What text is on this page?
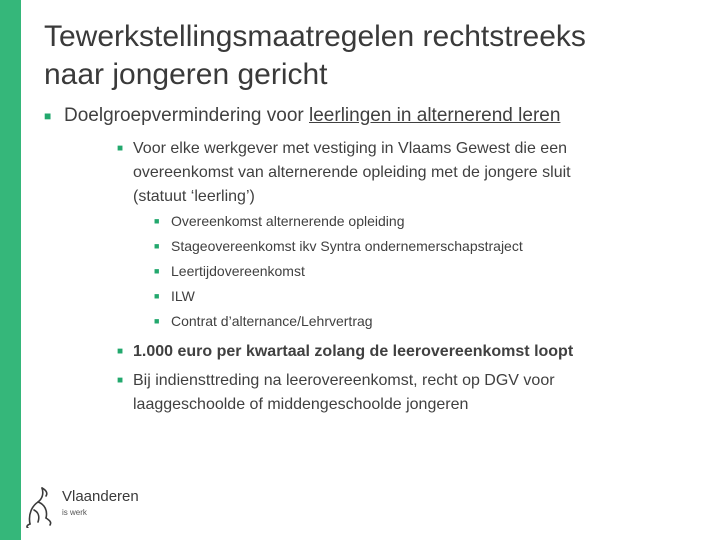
Tewerkstellingsmaatregelen rechtstreeks
naar jongeren gericht

■ Doelgroepvermindering voor leerlingen in alternerend leren

■ Voor elke werkgever met vestiging in Vlaams Gewest die een
overeenkomst van alternerende opleiding met de jongere sluit
(statuut ‘leerling’)
■ Overeenkomst alternerende opleiding
■ Stageovereenkomst ikv Syntra ondernemerschapstraject
■ Leertijdovereenkomst
■ ILW
■ Contrat d’alternance/Lehrvertrag
■ 1.000 euro per kwartaal zolang de leerovereenkomst loopt
■ Bij indiensttreding na leerovereenkomst, recht op DGV voor
laaggeschoolde of middengeschoolde jongeren
Vlaanderen
is werk
